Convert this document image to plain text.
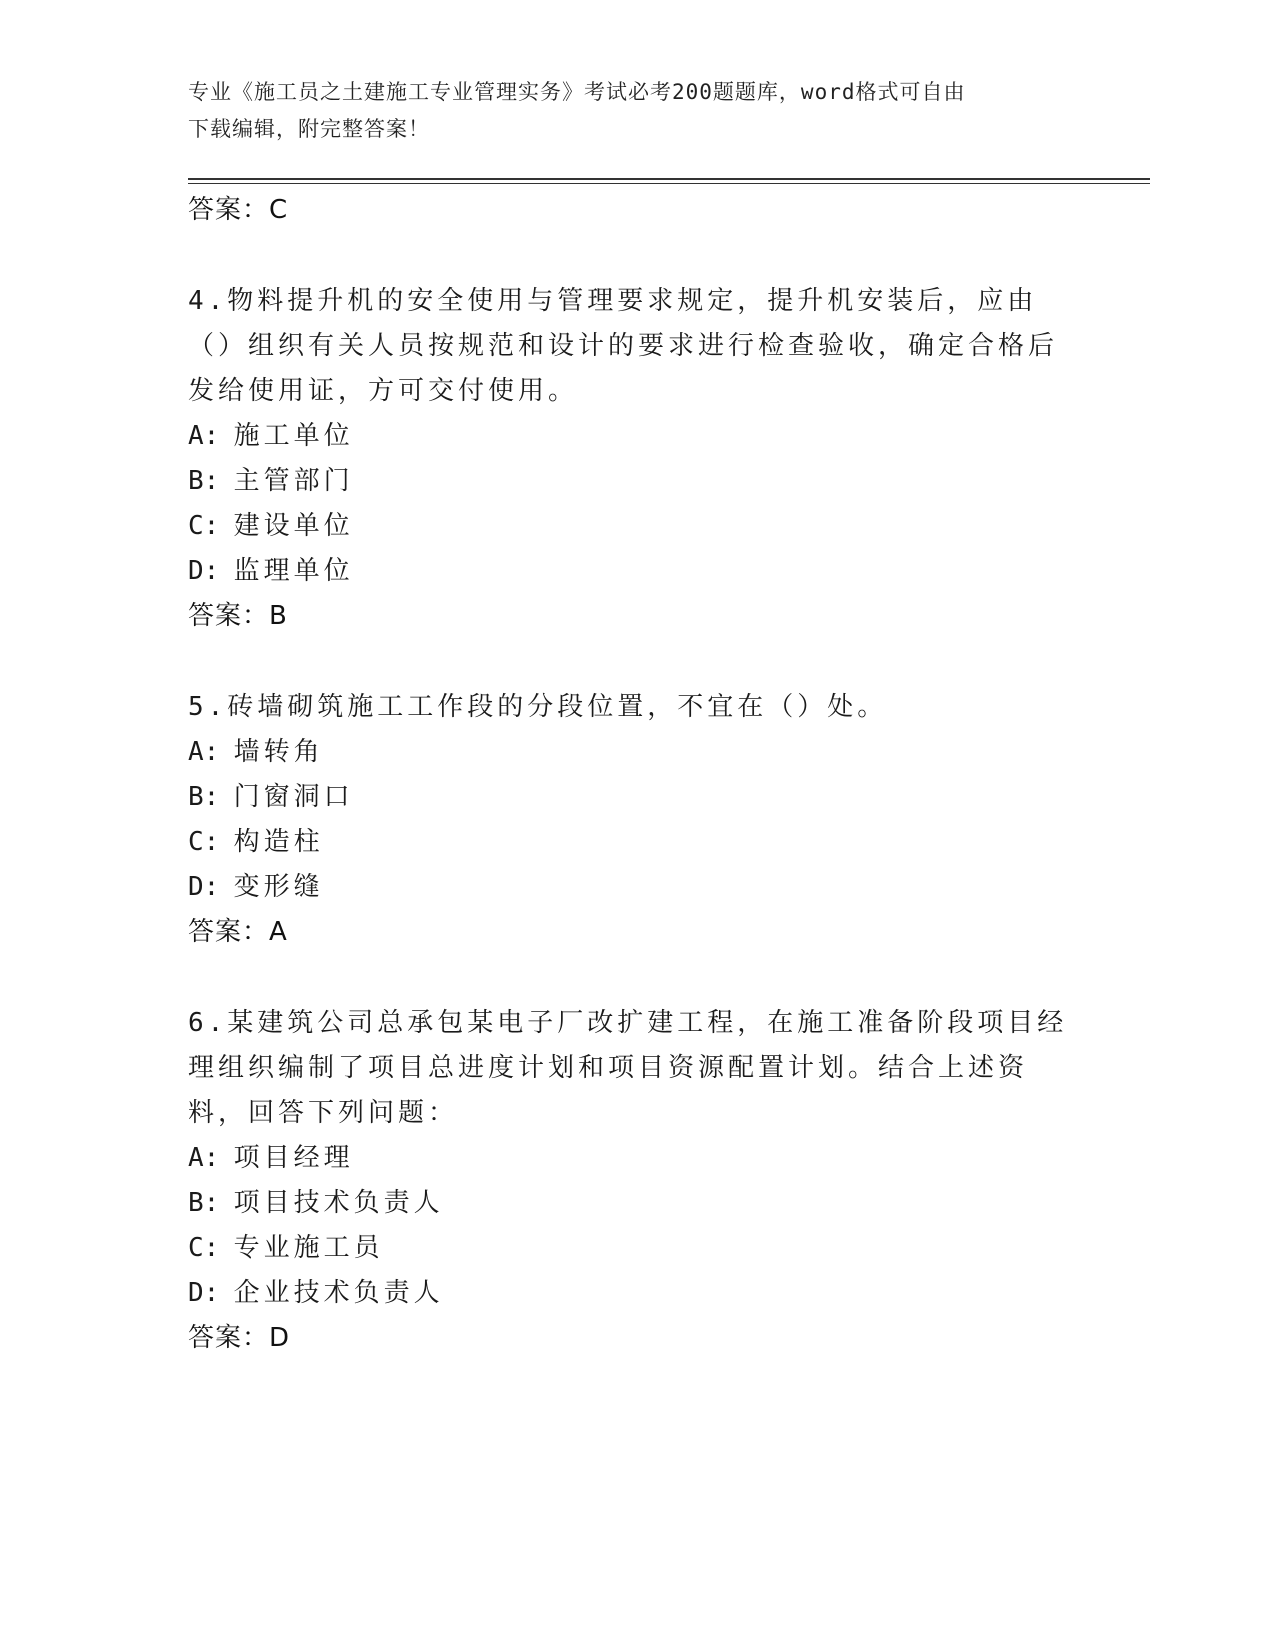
专业《施工员之土建施工专业管理实务》考试必考200题题库，word格式可自由
下载编辑，附完整答案！
答案：C
4.物料提升机的安全使用与管理要求规定，提升机安装后，应由（）组织有关人员按规范和设计的要求进行检查验收，确定合格后发给使用证，方可交付使用。
A: 施工单位
B: 主管部门
C: 建设单位
D: 监理单位
答案：B
5.砖墙砌筑施工工作段的分段位置，不宜在（）处。
A: 墙转角
B: 门窗洞口
C: 构造柱
D: 变形缝
答案：A
6.某建筑公司总承包某电子厂改扩建工程，在施工准备阶段项目经理组织编制了项目总进度计划和项目资源配置计划。结合上述资料，回答下列问题：
A: 项目经理
B: 项目技术负责人
C: 专业施工员
D: 企业技术负责人
答案：D
